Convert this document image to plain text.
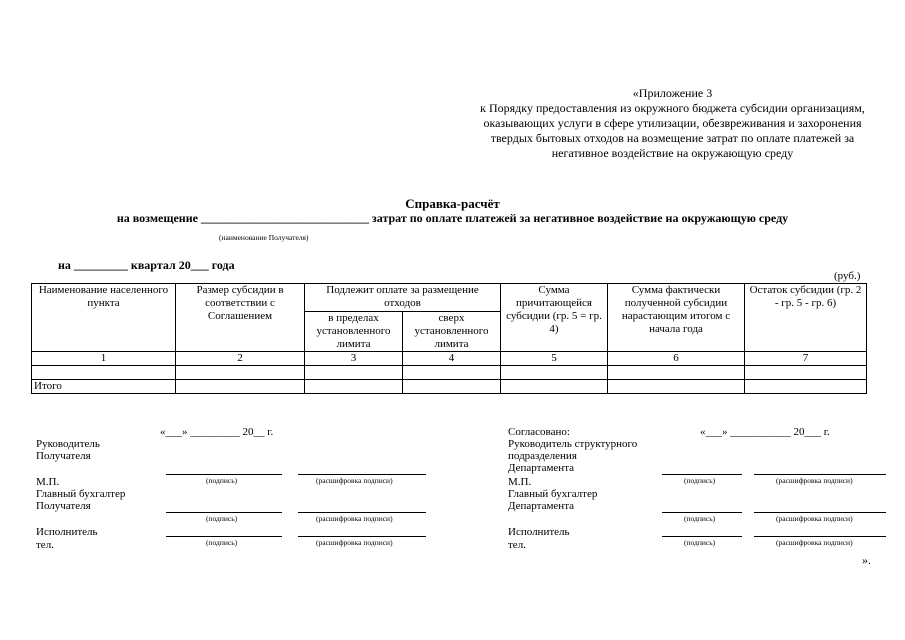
«Приложение 3
к Порядку предоставления из окружного бюджета субсидии организациям,
оказывающих услуги в сфере утилизации, обезвреживания и захоронения
твердых бытовых отходов на возмещение затрат по оплате платежей за
негативное воздействие на окружающую среду
Справка-расчёт
на возмещение ____________________________ затрат по оплате платежей за негативное воздействие на окружающую среду
(наименование Получателя)
на _________ квартал 20___ года
(руб.)
Наименование населенного пункта	Размер субсидии в соответствии с Соглашением	Подлежит оплате за размещение отходов		Сумма причитающейся субсидии (гр. 5 = гр. 4)	Сумма фактически полученной субсидии нарастающим итогом с начала года	Остаток субсидии (гр. 2 - гр. 5 - гр. 6)
		в пределах установленного лимита	сверх установленного лимита			
1	2	3	4	5	6	7

Итого						
«___» _________ 20__ г.
Руководитель
Получателя
М.П.	(подпись)	(расшифровка подписи)
Главный бухгалтер
Получателя
(подпись)	(расшифровка подписи)
Исполнитель
тел.	(подпись)	(расшифровка подписи)
Согласовано:	«___» ___________ 20___ г.
Руководитель структурного
подразделения
Департамента
М.П.	(подпись)	(расшифровка подписи)
Главный бухгалтер
Департамента
(подпись)	(расшифровка подписи)
Исполнитель
тел.	(подпись)	(расшифровка подписи)
».
